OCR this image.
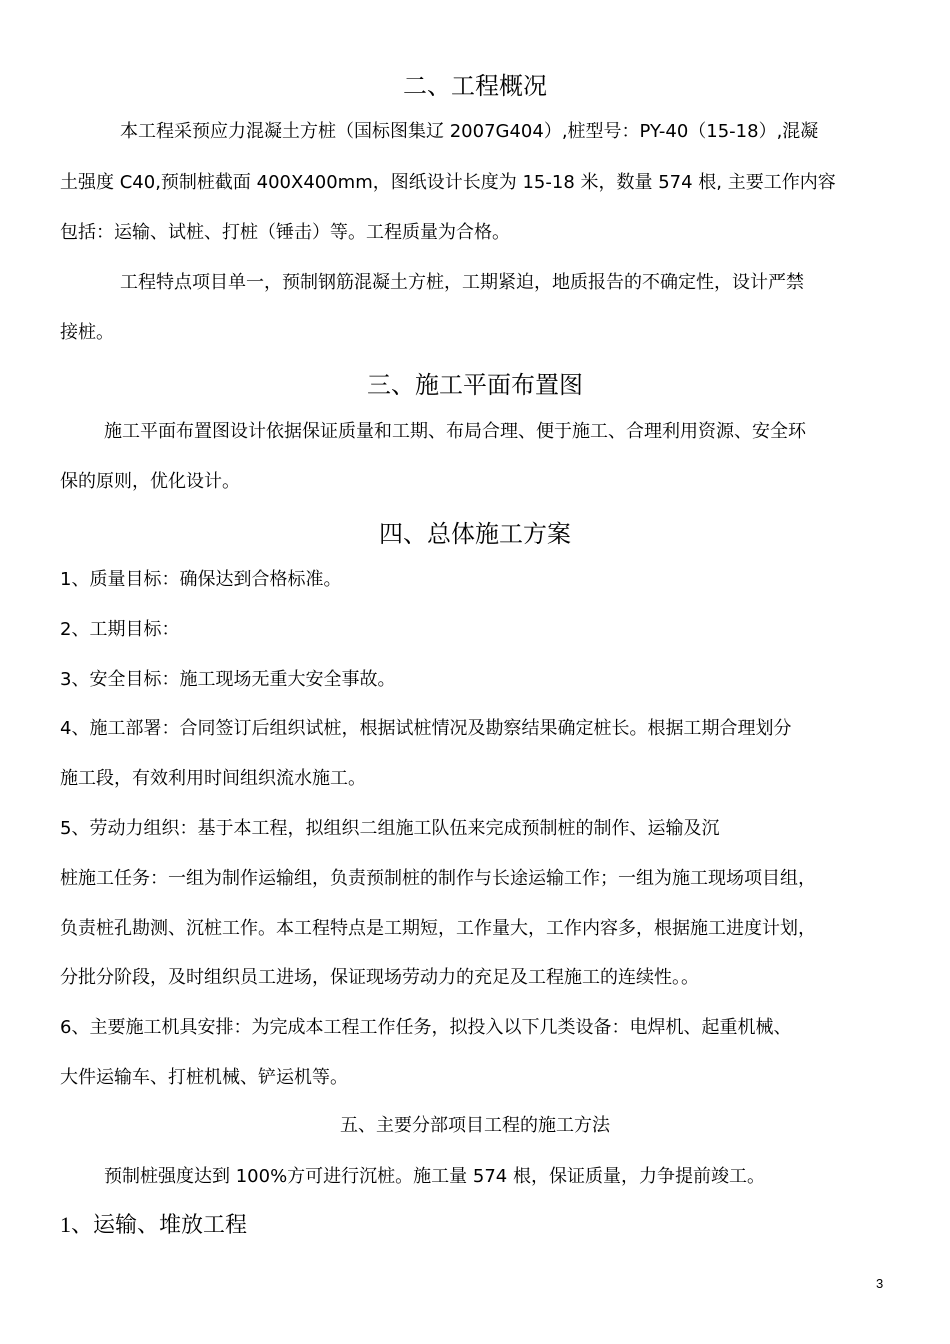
二、工程概况
本工程采预应力混凝土方桩（国标图集辽 2007G404）,桩型号：PY-40（15-18）,混凝
土强度 C40,预制桩截面 400X400mm，图纸设计长度为 15-18 米，数量 574 根, 主要工作内容
包括：运输、试桩、打桩（锤击）等。工程质量为合格。
工程特点项目单一，预制钢筋混凝土方桩，工期紧迫，地质报告的不确定性，设计严禁
接桩。
三、施工平面布置图
施工平面布置图设计依据保证质量和工期、布局合理、便于施工、合理利用资源、安全环
保的原则，优化设计。
四、总体施工方案
1、质量目标：确保达到合格标准。
2、工期目标：
3、安全目标：施工现场无重大安全事故。
4、施工部署：合同签订后组织试桩，根据试桩情况及勘察结果确定桩长。根据工期合理划分
施工段，有效利用时间组织流水施工。
5、劳动力组织：基于本工程，拟组织二组施工队伍来完成预制桩的制作、运输及沉
桩施工任务：一组为制作运输组，负责预制桩的制作与长途运输工作；一组为施工现场项目组，
负责桩孔勘测、沉桩工作。本工程特点是工期短，工作量大，工作内容多，根据施工进度计划，
分批分阶段，及时组织员工进场，保证现场劳动力的充足及工程施工的连续性。。
6、主要施工机具安排：为完成本工程工作任务，拟投入以下几类设备：电焊机、起重机械、
大件运输车、打桩机械、铲运机等。
五、主要分部项目工程的施工方法
预制桩强度达到 100%方可进行沉桩。施工量 574 根，保证质量，力争提前竣工。
1、运输、堆放工程
3
